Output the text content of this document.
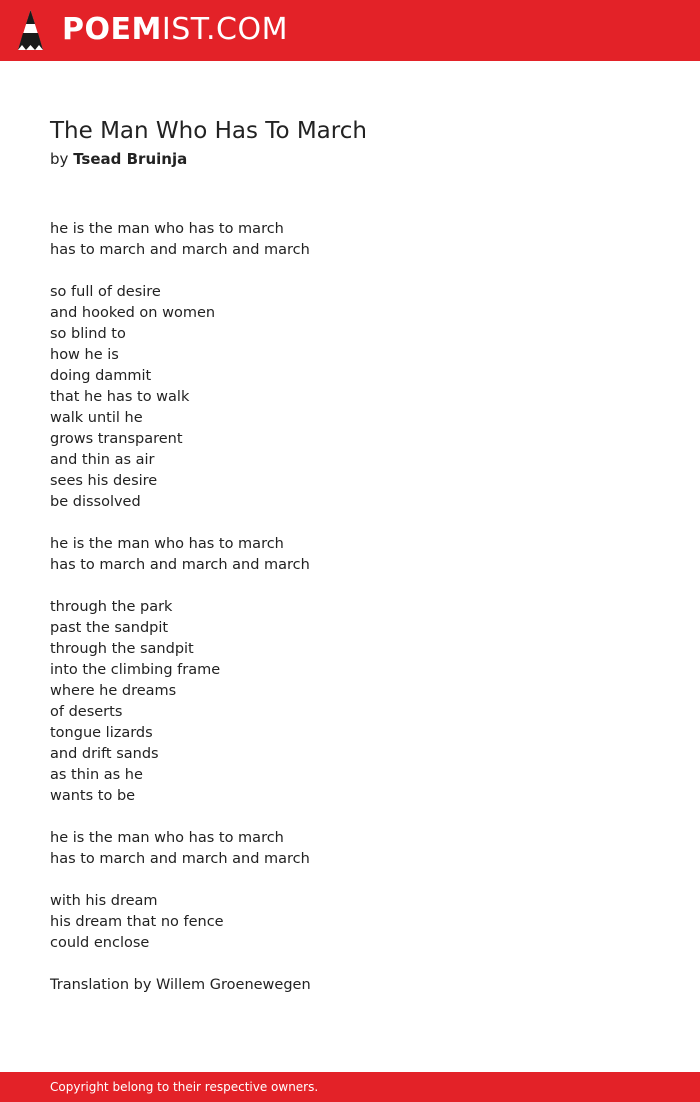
POEMIST.COM
The Man Who Has To March
by Tsead Bruinja
he is the man who has to march
has to march and march and march
so full of desire
and hooked on women
so blind to
how he is
doing dammit
that he has to walk
walk until he
grows transparent
and thin as air
sees his desire
be dissolved
he is the man who has to march
has to march and march and march
through the park
past the sandpit
through the sandpit
into the climbing frame
where he dreams
of deserts
tongue lizards
and drift sands
as thin as he
wants to be
he is the man who has to march
has to march and march and march
with his dream
his dream that no fence
could enclose
Translation by Willem Groenewegen
Copyright belong to their respective owners.
